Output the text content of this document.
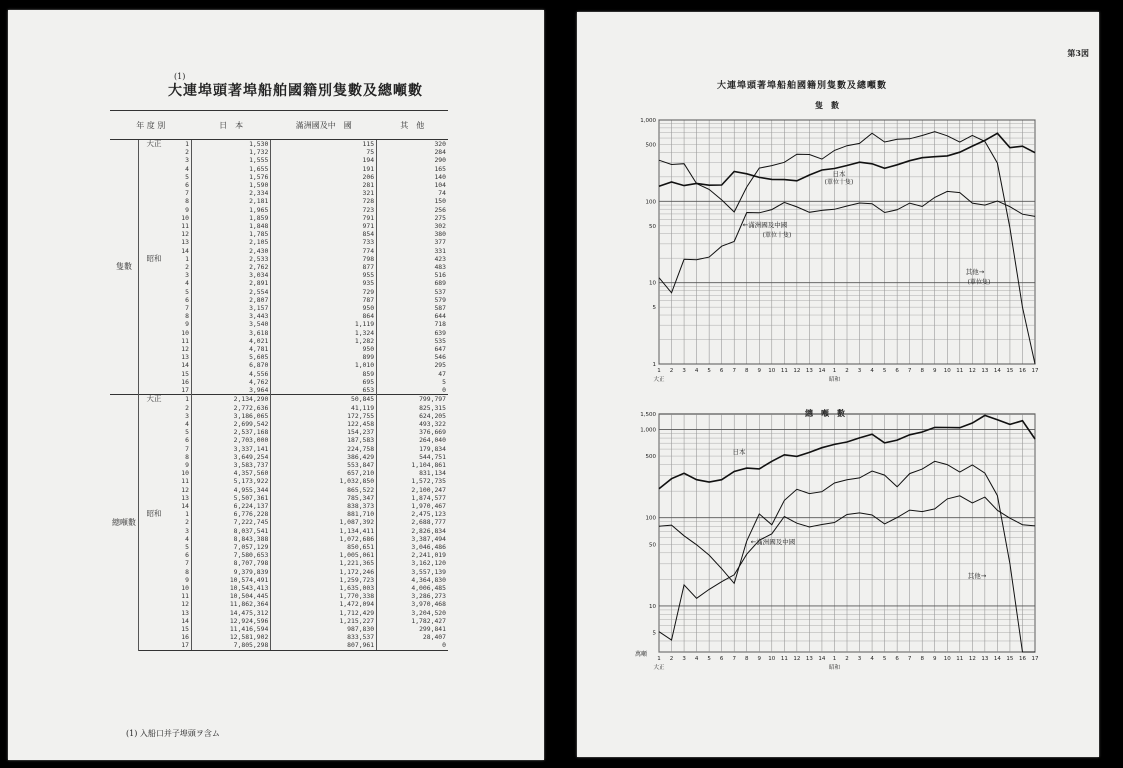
(1)
大連埠頭著埠船舶國籍別隻數及總噸數
年 度 別			日　本	滿洲國及中　國	其　他
隻數	大正	1	1,530	115	320
		2	1,732	75	284
		3	1,555	194	290
		4	1,655	191	165
		5	1,576	206	140
		6	1,590	281	104
		7	2,334	321	74
		8	2,181	728	150
		9	1,965	723	256
		10	1,859	791	275
		11	1,848	971	302
		12	1,785	854	380
		13	2,105	733	377
		14	2,430	774	331
	昭和	1	2,533	798	423
		2	2,762	877	483
		3	3,034	955	516
		4	2,891	935	689
		5	2,554	729	537
		6	2,807	787	579
		7	3,157	950	587
		8	3,443	864	644
		9	3,540	1,119	718
		10	3,618	1,324	639
		11	4,021	1,282	535
		12	4,781	950	647
		13	5,605	899	546
		14	6,870	1,010	295
		15	4,556	859	47
		16	4,762	695	5
		17	3,964	653	0
總噸數	大正	1	2,134,290	50,845	799,797
		2	2,772,636	41,119	825,315
		3	3,186,065	172,755	624,205
		4	2,699,542	122,458	493,322
		5	2,537,168	154,237	376,669
		6	2,703,000	187,583	264,040
		7	3,337,141	224,758	179,834
		8	3,649,254	386,429	544,751
		9	3,583,737	553,847	1,104,861
		10	4,357,560	657,210	831,134
		11	5,173,922	1,032,850	1,572,735
		12	4,955,344	865,522	2,100,247
		13	5,507,361	785,347	1,874,577
		14	6,224,137	838,373	1,970,467
	昭和	1	6,776,228	881,710	2,475,123
		2	7,222,745	1,087,392	2,688,777
		3	8,037,541	1,134,411	2,826,834
		4	8,843,388	1,072,686	3,387,494
		5	7,057,129	850,651	3,046,486
		6	7,580,653	1,005,061	2,241,019
		7	8,707,798	1,221,365	3,162,120
		8	9,379,839	1,172,246	3,557,139
		9	10,574,491	1,259,723	4,364,830
		10	10,543,413	1,635,003	4,006,485
		11	10,504,445	1,770,338	3,286,273
		12	11,862,364	1,472,094	3,970,468
		13	14,475,312	1,712,429	3,204,520
		14	12,924,596	1,215,227	1,782,427
		15	11,416,594	987,830	299,841
		16	12,581,902	833,537	28,407
		17	7,805,298	807,961	0
(1) 入船口并子埠頭ヲ含ム
第3図
大連埠頭著埠船舶國籍別隻數及總噸數
隻　數
總　噸　數
1
5
10
50
100
500
1,000
1 2 3 4 5 6 7 8 9 10 11 12 13 14 1 2 3 4 5 6 7 8 9 10 11 12 13 14 15 16 17
大正	昭和
5
10
50
100
500
1,000
1,500
1 2 3 4 5 6 7 8 9 10 11 12 13 14 1 2 3 4 5 6 7 8 9 10 11 12 13 14 15 16 17
大正	昭和
日本
(單位十隻)
←滿洲國及中國
(單位十隻)
其他→
(單位隻)
日本
←滿洲國及中國
其他→
萬噸
